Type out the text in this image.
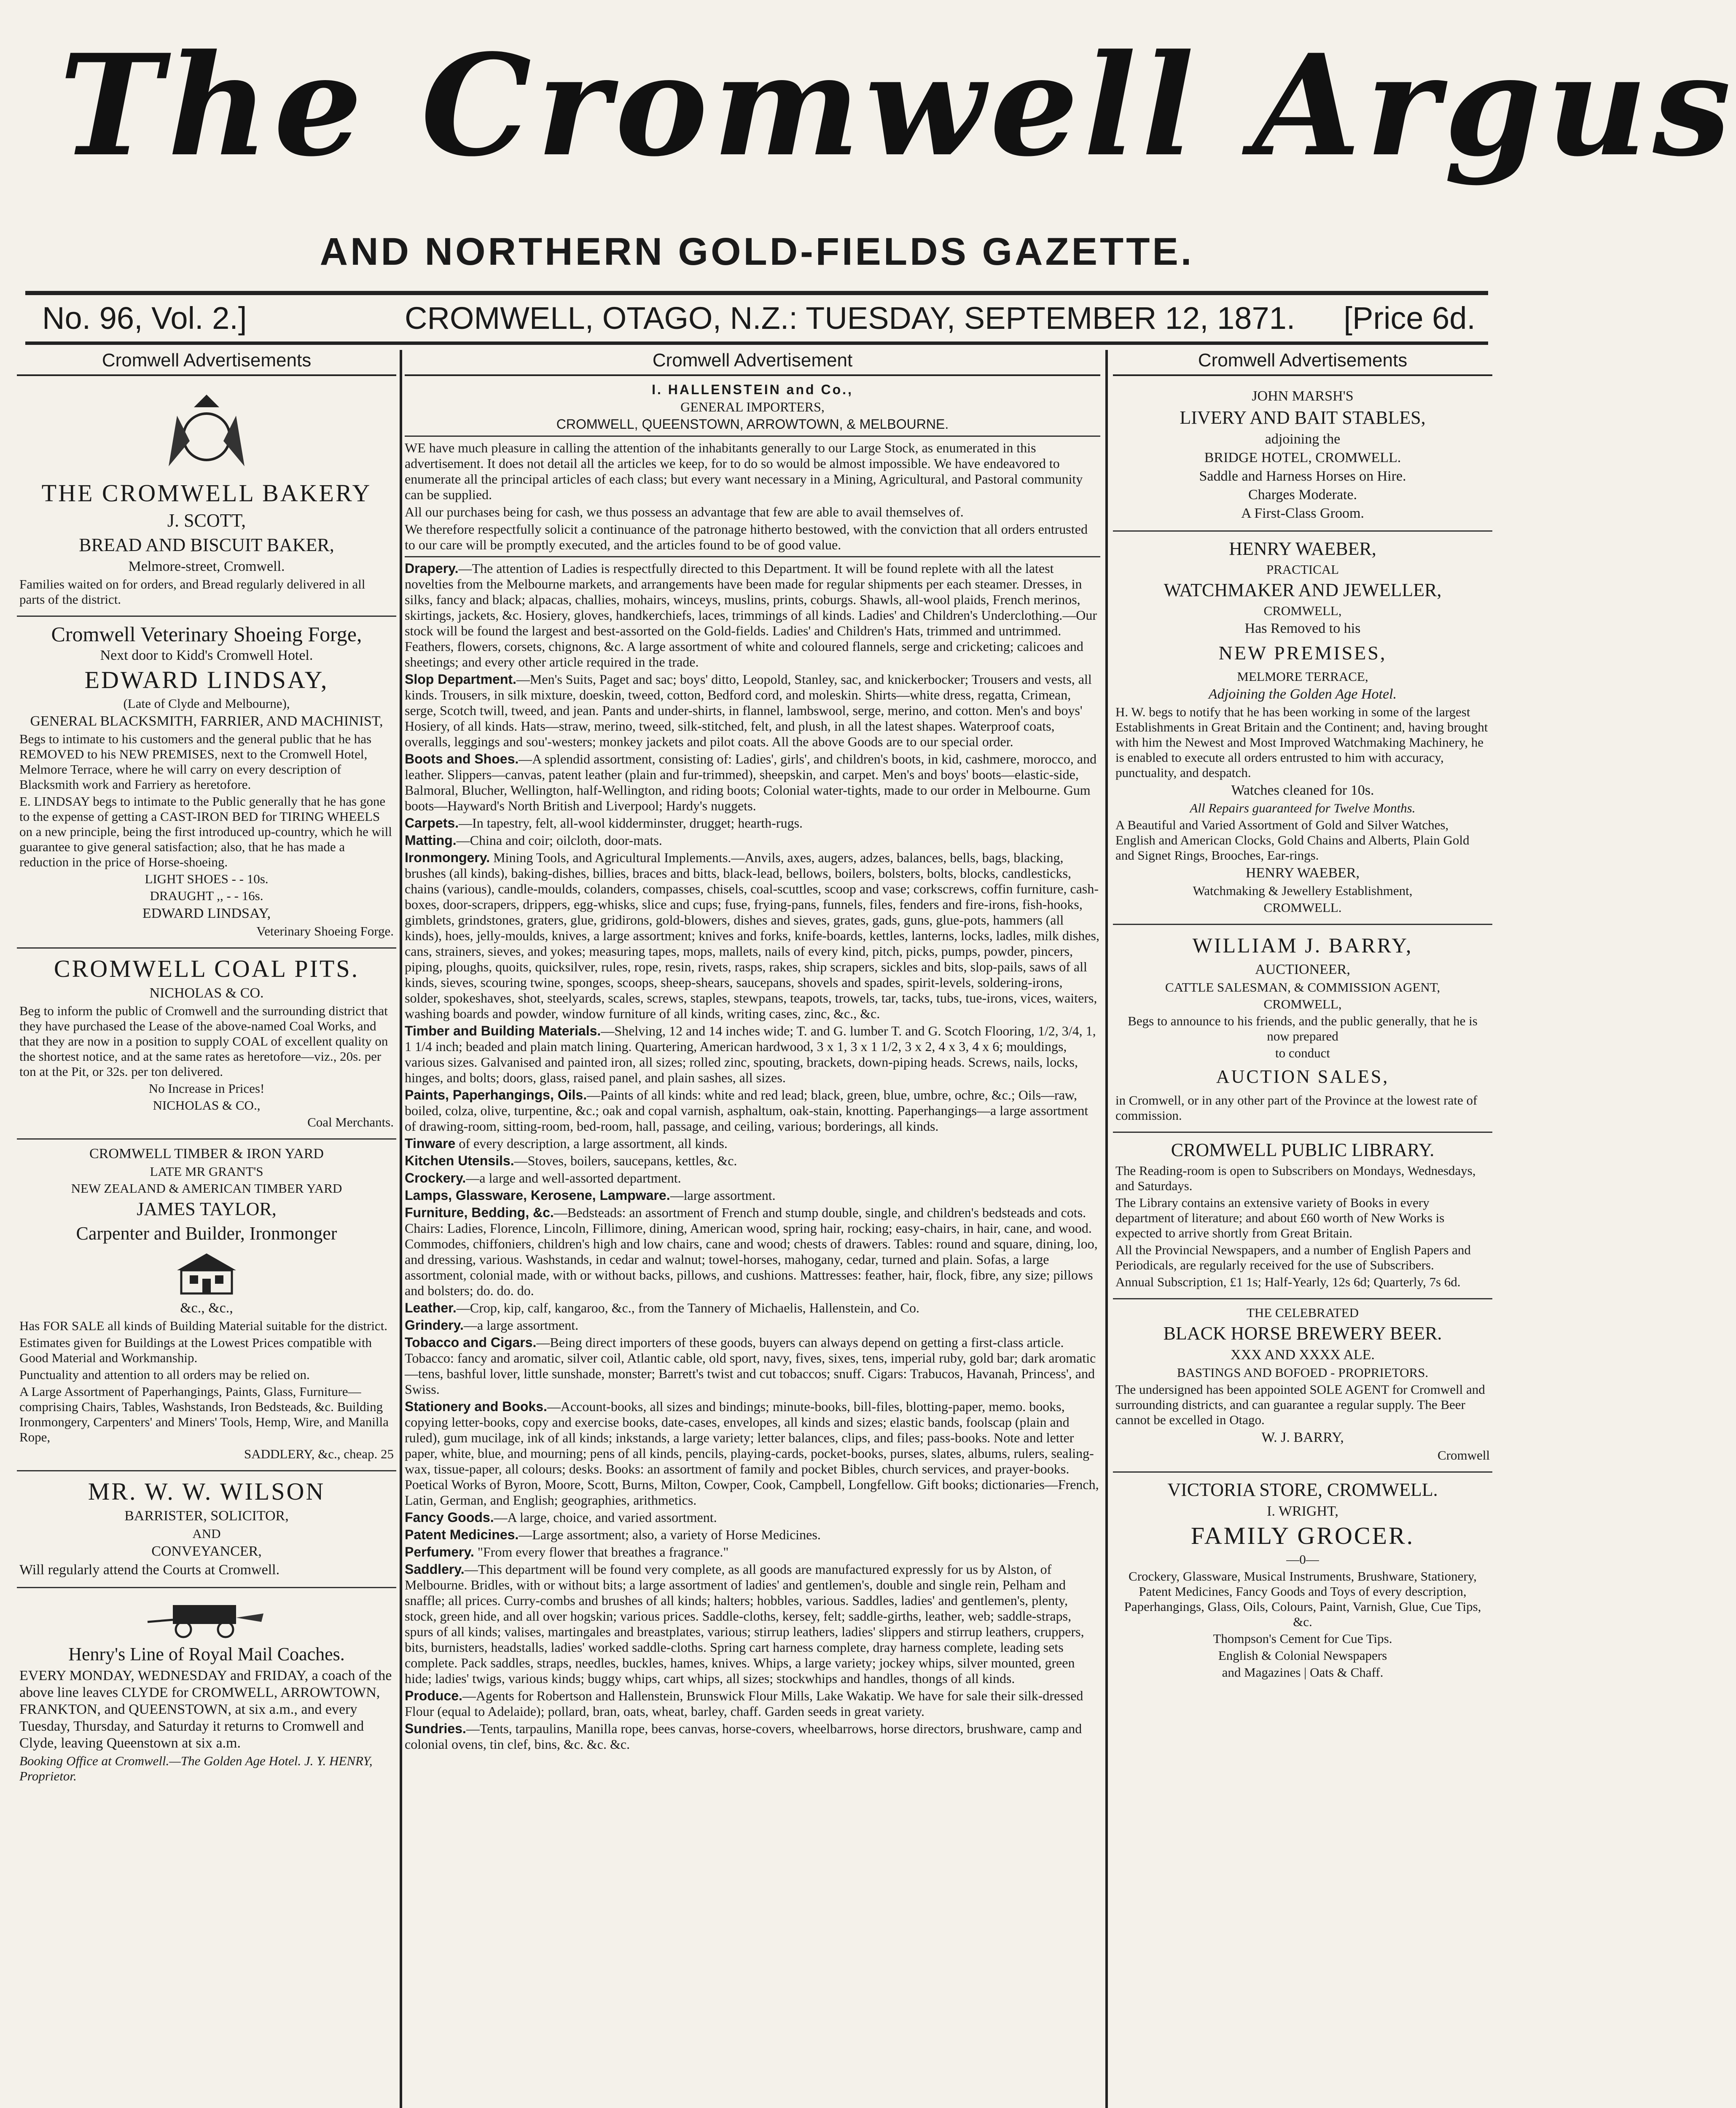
The Cromwell Argus
AND NORTHERN GOLD-FIELDS GAZETTE.
No. 96, Vol. 2.]	CROMWELL, OTAGO, N.Z.: TUESDAY, SEPTEMBER 12, 1871. [Price 6d.
Cromwell Advertisements

THE CROMWELL BAKERY

J. SCOTT,

BREAD AND BISCUIT BAKER,

Melmore-street, Cromwell.

Families waited on for orders, and Bread regularly delivered in all parts of the district.

Cromwell Veterinary Shoeing Forge,

Next door to Kidd's Cromwell Hotel.

EDWARD LINDSAY,

(Late of Clyde and Melbourne),

GENERAL BLACKSMITH, FARRIER, AND MACHINIST,

Begs to intimate to his customers and the general public that he has REMOVED to his NEW PREMISES, next to the Cromwell Hotel, Melmore Terrace, where he will carry on every description of Blacksmith work and Farriery as heretofore.

E. LINDSAY begs to intimate to the Public generally that he has gone to the expense of getting a CAST-IRON BED for TIRING WHEELS on a new principle, being the first introduced up-country, which he will guarantee to give general satisfaction; also, that he has made a reduction in the price of Horse-shoeing.

LIGHT SHOES - - 10s.

DRAUGHT ,, - - 16s.

EDWARD LINDSAY,

Veterinary Shoeing Forge.

CROMWELL COAL PITS.

NICHOLAS & CO.

Beg to inform the public of Cromwell and the surrounding district that they have purchased the Lease of the above-named Coal Works, and that they are now in a position to supply COAL of excellent quality on the shortest notice, and at the same rates as heretofore—viz., 20s. per ton at the Pit, or 32s. per ton delivered.

No Increase in Prices!

NICHOLAS & CO.,

Coal Merchants.

CROMWELL TIMBER & IRON YARD

LATE MR GRANT'S

NEW ZEALAND & AMERICAN TIMBER YARD

JAMES TAYLOR,

Carpenter and Builder, Ironmonger

&c., &c.,

Has FOR SALE all kinds of Building Material suitable for the district.

Estimates given for Buildings at the Lowest Prices compatible with Good Material and Workmanship.

Punctuality and attention to all orders may be relied on.

A Large Assortment of Paperhangings, Paints, Glass, Furniture—comprising Chairs, Tables, Washstands, Iron Bedsteads, &c. Building Ironmongery, Carpenters' and Miners' Tools, Hemp, Wire, and Manilla Rope,

SADDLERY, &c., cheap. 25

MR. W. W. WILSON

BARRISTER, SOLICITOR,

AND

CONVEYANCER,

Will regularly attend the Courts at Cromwell.

Henry's Line of Royal Mail Coaches.

EVERY MONDAY, WEDNESDAY and FRIDAY, a coach of the above line leaves CLYDE for CROMWELL, ARROWTOWN, FRANKTON, and QUEENSTOWN, at six a.m., and every Tuesday, Thursday, and Saturday it returns to Cromwell and Clyde, leaving Queenstown at six a.m.

Booking Office at Cromwell.—The Golden Age Hotel. J. Y. HENRY, Proprietor.

Cromwell Advertisement

I. HALLENSTEIN and Co.,

GENERAL IMPORTERS,

CROMWELL, QUEENSTOWN, ARROWTOWN, & MELBOURNE.

WE have much pleasure in calling the attention of the inhabitants generally to our Large Stock, as enumerated in this advertisement. It does not detail all the articles we keep, for to do so would be almost impossible. We have endeavored to enumerate all the principal articles of each class; but every want necessary in a Mining, Agricultural, and Pastoral community can be supplied.

All our purchases being for cash, we thus possess an advantage that few are able to avail themselves of.

We therefore respectfully solicit a continuance of the patronage hitherto bestowed, with the conviction that all orders entrusted to our care will be promptly executed, and the articles found to be of good value.

Drapery.—The attention of Ladies is respectfully directed to this Department. It will be found replete with all the latest novelties from the Melbourne markets, and arrangements have been made for regular shipments per each steamer. Dresses, in silks, fancy and black; alpacas, challies, mohairs, winceys, muslins, prints, coburgs. Shawls, all-wool plaids, French merinos, skirtings, jackets, &c. Hosiery, gloves, handkerchiefs, laces, trimmings of all kinds. Ladies' and Children's Underclothing.—Our stock will be found the largest and best-assorted on the Gold-fields. Ladies' and Children's Hats, trimmed and untrimmed. Feathers, flowers, corsets, chignons, &c. A large assortment of white and coloured flannels, serge and cricketing; calicoes and sheetings; and every other article required in the trade.

Slop Department.—Men's Suits, Paget and sac; boys' ditto, Leopold, Stanley, sac, and knickerbocker; Trousers and vests, all kinds. Trousers, in silk mixture, doeskin, tweed, cotton, Bedford cord, and moleskin. Shirts—white dress, regatta, Crimean, serge, Scotch twill, tweed, and jean. Pants and under-shirts, in flannel, lambswool, serge, merino, and cotton. Men's and boys' Hosiery, of all kinds. Hats—straw, merino, tweed, silk-stitched, felt, and plush, in all the latest shapes. Waterproof coats, overalls, leggings and sou'-westers; monkey jackets and pilot coats. All the above Goods are to our special order.

Boots and Shoes.—A splendid assortment, consisting of: Ladies', girls', and children's boots, in kid, cashmere, morocco, and leather. Slippers—canvas, patent leather (plain and fur-trimmed), sheepskin, and carpet. Men's and boys' boots—elastic-side, Balmoral, Blucher, Wellington, half-Wellington, and riding boots; Colonial water-tights, made to our order in Melbourne. Gum boots—Hayward's North British and Liverpool; Hardy's nuggets.

Carpets.—In tapestry, felt, all-wool kidderminster, drugget; hearth-rugs.

Matting.—China and coir; oilcloth, door-mats.

Ironmongery. Mining Tools, and Agricultural Implements.—Anvils, axes, augers, adzes, balances, bells, bags, blacking, brushes (all kinds), baking-dishes, billies, braces and bitts, black-lead, bellows, boilers, bolsters, bolts, blocks, candlesticks, chains (various), candle-moulds, colanders, compasses, chisels, coal-scuttles, scoop and vase; corkscrews, coffin furniture, cash-boxes, door-scrapers, drippers, egg-whisks, slice and cups; fuse, frying-pans, funnels, files, fenders and fire-irons, fish-hooks, gimblets, grindstones, graters, glue, gridirons, gold-blowers, dishes and sieves, grates, gads, guns, glue-pots, hammers (all kinds), hoes, jelly-moulds, knives, a large assortment; knives and forks, knife-boards, kettles, lanterns, locks, ladles, milk dishes, cans, strainers, sieves, and yokes; measuring tapes, mops, mallets, nails of every kind, pitch, picks, pumps, powder, pincers, piping, ploughs, quoits, quicksilver, rules, rope, resin, rivets, rasps, rakes, ship scrapers, sickles and bits, slop-pails, saws of all kinds, sieves, scouring twine, sponges, scoops, sheep-shears, saucepans, shovels and spades, spirit-levels, soldering-irons, solder, spokeshaves, shot, steelyards, scales, screws, staples, stewpans, teapots, trowels, tar, tacks, tubs, tue-irons, vices, waiters, washing boards and powder, window furniture of all kinds, writing cases, zinc, &c., &c.

Timber and Building Materials.—Shelving, 12 and 14 inches wide; T. and G. lumber T. and G. Scotch Flooring, 1/2, 3/4, 1, 1 1/4 inch; beaded and plain match lining. Quartering, American hardwood, 3 x 1, 3 x 1 1/2, 3 x 2, 4 x 3, 4 x 6; mouldings, various sizes. Galvanised and painted iron, all sizes; rolled zinc, spouting, brackets, down-piping heads. Screws, nails, locks, hinges, and bolts; doors, glass, raised panel, and plain sashes, all sizes.

Paints, Paperhangings, Oils.—Paints of all kinds: white and red lead; black, green, blue, umbre, ochre, &c.; Oils—raw, boiled, colza, olive, turpentine, &c.; oak and copal varnish, asphaltum, oak-stain, knotting. Paperhangings—a large assortment of drawing-room, sitting-room, bed-room, hall, passage, and ceiling, various; borderings, all kinds.

Tinware of every description, a large assortment, all kinds.

Kitchen Utensils.—Stoves, boilers, saucepans, kettles, &c.

Crockery.—a large and well-assorted department.

Lamps, Glassware, Kerosene, Lampware.—large assortment.

Furniture, Bedding, &c.—Bedsteads: an assortment of French and stump double, single, and children's bedsteads and cots. Chairs: Ladies, Florence, Lincoln, Fillimore, dining, American wood, spring hair, rocking; easy-chairs, in hair, cane, and wood. Commodes, chiffoniers, children's high and low chairs, cane and wood; chests of drawers. Tables: round and square, dining, loo, and dressing, various. Washstands, in cedar and walnut; towel-horses, mahogany, cedar, turned and plain. Sofas, a large assortment, colonial made, with or without backs, pillows, and cushions. Mattresses: feather, hair, flock, fibre, any size; pillows and bolsters; do. do. do.

Leather.—Crop, kip, calf, kangaroo, &c., from the Tannery of Michaelis, Hallenstein, and Co.

Grindery.—a large assortment.

Tobacco and Cigars.—Being direct importers of these goods, buyers can always depend on getting a first-class article. Tobacco: fancy and aromatic, silver coil, Atlantic cable, old sport, navy, fives, sixes, tens, imperial ruby, gold bar; dark aromatic—tens, bashful lover, little sunshade, monster; Barrett's twist and cut tobaccos; snuff. Cigars: Trabucos, Havanah, Princess', and Swiss.

Stationery and Books.—Account-books, all sizes and bindings; minute-books, bill-files, blotting-paper, memo. books, copying letter-books, copy and exercise books, date-cases, envelopes, all kinds and sizes; elastic bands, foolscap (plain and ruled), gum mucilage, ink of all kinds; inkstands, a large variety; letter balances, clips, and files; pass-books. Note and letter paper, white, blue, and mourning; pens of all kinds, pencils, playing-cards, pocket-books, purses, slates, albums, rulers, sealing-wax, tissue-paper, all colours; desks. Books: an assortment of family and pocket Bibles, church services, and prayer-books. Poetical Works of Byron, Moore, Scott, Burns, Milton, Cowper, Cook, Campbell, Longfellow. Gift books; dictionaries—French, Latin, German, and English; geographies, arithmetics.

Fancy Goods.—A large, choice, and varied assortment.

Patent Medicines.—Large assortment; also, a variety of Horse Medicines.

Perfumery. "From every flower that breathes a fragrance."

Saddlery.—This department will be found very complete, as all goods are manufactured expressly for us by Alston, of Melbourne. Bridles, with or without bits; a large assortment of ladies' and gentlemen's, double and single rein, Pelham and snaffle; all prices. Curry-combs and brushes of all kinds; halters; hobbles, various. Saddles, ladies' and gentlemen's, plenty, stock, green hide, and all over hogskin; various prices. Saddle-cloths, kersey, felt; saddle-girths, leather, web; saddle-straps, spurs of all kinds; valises, martingales and breastplates, various; stirrup leathers, ladies' slippers and stirrup leathers, cruppers, bits, burnisters, headstalls, ladies' worked saddle-cloths. Spring cart harness complete, dray harness complete, leading sets complete. Pack saddles, straps, needles, buckles, hames, knives. Whips, a large variety; jockey whips, silver mounted, green hide; ladies' twigs, various kinds; buggy whips, cart whips, all sizes; stockwhips and handles, thongs of all kinds.

Produce.—Agents for Robertson and Hallenstein, Brunswick Flour Mills, Lake Wakatip. We have for sale their silk-dressed Flour (equal to Adelaide); pollard, bran, oats, wheat, barley, chaff. Garden seeds in great variety.

Sundries.—Tents, tarpaulins, Manilla rope, bees canvas, horse-covers, wheelbarrows, horse directors, brushware, camp and colonial ovens, tin clef, bins, &c. &c. &c.

Cromwell Advertisements

JOHN MARSH'S

LIVERY AND BAIT STABLES,

adjoining the

BRIDGE HOTEL, CROMWELL.

Saddle and Harness Horses on Hire.

Charges Moderate.

A First-Class Groom.

HENRY WAEBER,

PRACTICAL

WATCHMAKER AND JEWELLER,

CROMWELL,

Has Removed to his

NEW PREMISES,

MELMORE TERRACE,

Adjoining the Golden Age Hotel.

H. W. begs to notify that he has been working in some of the largest Establishments in Great Britain and the Continent; and, having brought with him the Newest and Most Improved Watchmaking Machinery, he is enabled to execute all orders entrusted to him with accuracy, punctuality, and despatch.

Watches cleaned for 10s.

All Repairs guaranteed for Twelve Months.

A Beautiful and Varied Assortment of Gold and Silver Watches, English and American Clocks, Gold Chains and Alberts, Plain Gold and Signet Rings, Brooches, Ear-rings.

HENRY WAEBER,

Watchmaking & Jewellery Establishment,

CROMWELL.

WILLIAM J. BARRY,

AUCTIONEER,

CATTLE SALESMAN, & COMMISSION AGENT,

CROMWELL,

Begs to announce to his friends, and the public generally, that he is now prepared

to conduct

AUCTION SALES,

in Cromwell, or in any other part of the Province at the lowest rate of commission.

CROMWELL PUBLIC LIBRARY.

The Reading-room is open to Subscribers on Mondays, Wednesdays, and Saturdays.

The Library contains an extensive variety of Books in every department of literature; and about £60 worth of New Works is expected to arrive shortly from Great Britain.

All the Provincial Newspapers, and a number of English Papers and Periodicals, are regularly received for the use of Subscribers.

Annual Subscription, £1 1s; Half-Yearly, 12s 6d; Quarterly, 7s 6d.

THE CELEBRATED

BLACK HORSE BREWERY BEER.

XXX AND XXXX ALE.

BASTINGS AND BOFOED - PROPRIETORS.

The undersigned has been appointed SOLE AGENT for Cromwell and surrounding districts, and can guarantee a regular supply. The Beer cannot be excelled in Otago.

W. J. BARRY,

Cromwell

VICTORIA STORE, CROMWELL.

I. WRIGHT,

FAMILY GROCER.

—0—

Crockery, Glassware, Musical Instruments, Brushware, Stationery, Patent Medicines, Fancy Goods and Toys of every description, Paperhangings, Glass, Oils, Colours, Paint, Varnish, Glue, Cue Tips, &c.

Thompson's Cement for Cue Tips.

English & Colonial Newspapers

and Magazines | Oats & Chaff.
